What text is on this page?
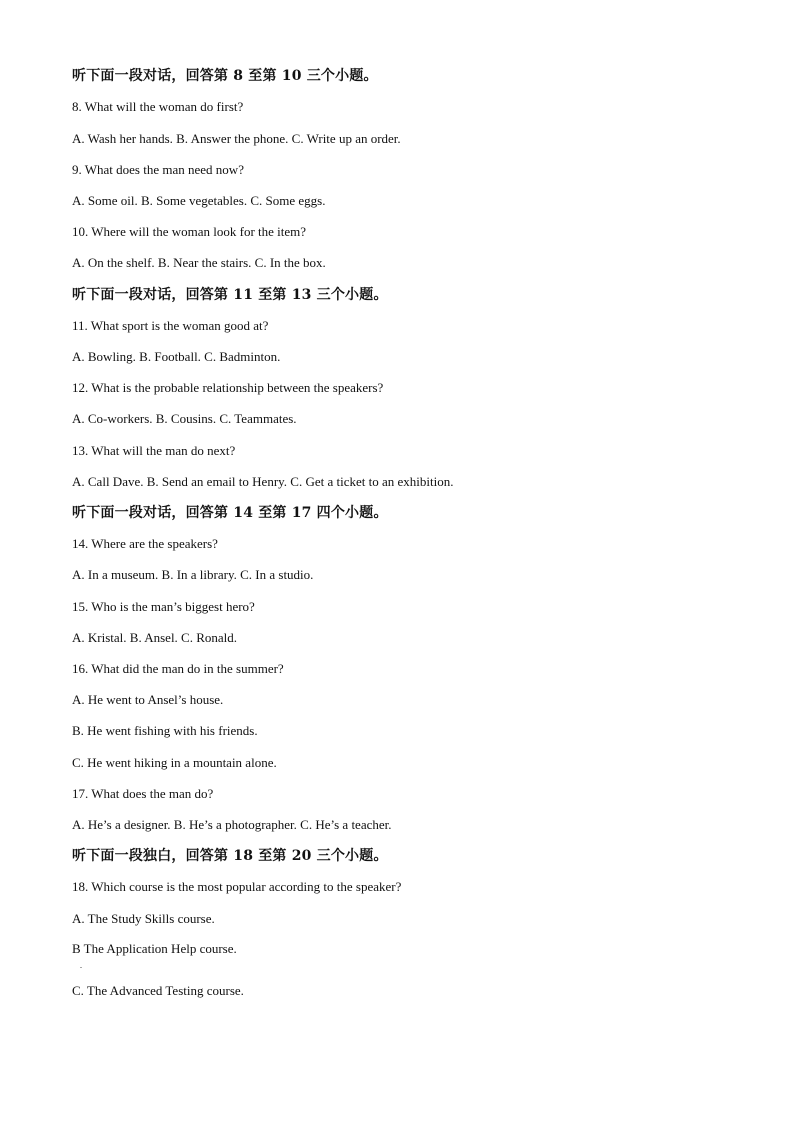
听下面一段对话，回答第 8 至第 10 三个小题。
8. What will the woman do first?
A. Wash her hands. B. Answer the phone. C. Write up an order.
9. What does the man need now?
A. Some oil. B. Some vegetables. C. Some eggs.
10. Where will the woman look for the item?
A. On the shelf. B. Near the stairs. C. In the box.
听下面一段对话，回答第 11 至第 13 三个小题。
11. What sport is the woman good at?
A. Bowling. B. Football. C. Badminton.
12. What is the probable relationship between the speakers?
A. Co-workers. B. Cousins. C. Teammates.
13. What will the man do next?
A. Call Dave. B. Send an email to Henry. C. Get a ticket to an exhibition.
听下面一段对话，回答第 14 至第 17 四个小题。
14. Where are the speakers?
A. In a museum. B. In a library. C. In a studio.
15. Who is the man’s biggest hero?
A. Kristal. B. Ansel. C. Ronald.
16. What did the man do in the summer?
A. He went to Ansel’s house.
B. He went fishing with his friends.
C. He went hiking in a mountain alone.
17. What does the man do?
A. He’s a designer. B. He’s a photographer. C. He’s a teacher.
听下面一段独白，回答第 18 至第 20 三个小题。
18. Which course is the most popular according to the speaker?
A. The Study Skills course.
B The Application Help course.
.
C. The Advanced Testing course.
